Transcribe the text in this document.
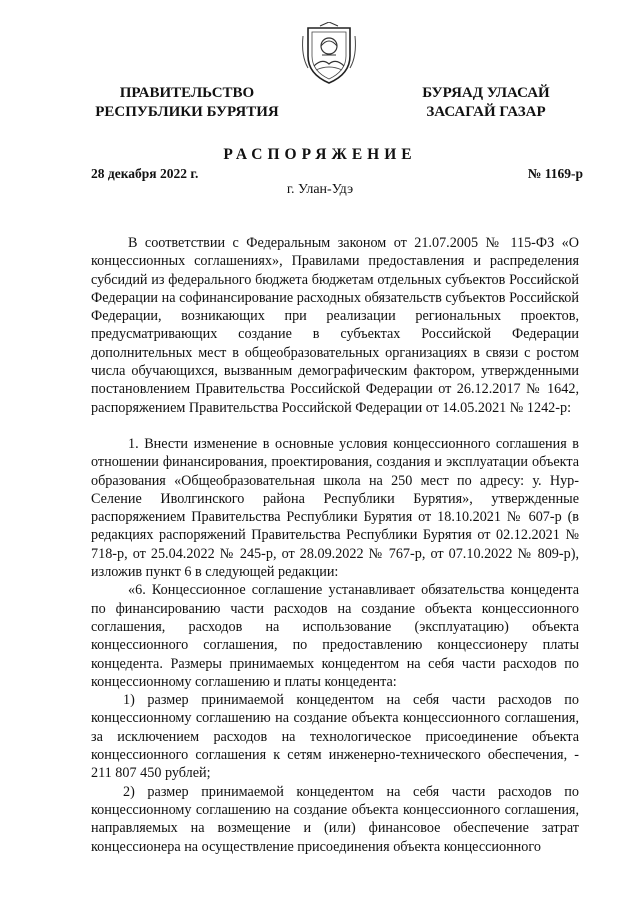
ПРАВИТЕЛЬСТВО
РЕСПУБЛИКИ БУРЯТИЯ
БУРЯАД УЛАСАЙ
ЗАСАГАЙ ГАЗАР
РАСПОРЯЖЕНИЕ
28 декабря 2022 г.	№ 1169-р
г. Улан-Удэ

В соответствии с Федеральным законом от 21.07.2005 № 115-ФЗ «О концессионных соглашениях», Правилами предоставления и распределения субсидий из федерального бюджета бюджетам отдельных субъектов Российской Федерации на софинансирование расходных обязательств субъектов Российской Федерации, возникающих при реализации региональных проектов, предусматривающих создание в субъектах Российской Федерации дополнительных мест в общеобразовательных организациях в связи с ростом числа обучающихся, вызванным демографическим фактором, утвержденными постановлением Правительства Российской Федерации от 26.12.2017 № 1642, распоряжением Правительства Российской Федерации от 14.05.2021 № 1242-р:

1. Внести изменение в основные условия концессионного соглашения в отношении финансирования, проектирования, создания и эксплуатации объекта образования «Общеобразовательная школа на 250 мест по адресу: у. Нур-Селение Иволгинского района Республики Бурятия», утвержденные распоряжением Правительства Республики Бурятия от 18.10.2021 № 607-р (в редакциях распоряжений Правительства Республики Бурятия от 02.12.2021 № 718-р, от 25.04.2022 № 245-р, от 28.09.2022 № 767-р, от 07.10.2022 № 809-р), изложив пункт 6 в следующей редакции:

«6. Концессионное соглашение устанавливает обязательства концедента по финансированию части расходов на создание объекта концессионного соглашения, расходов на использование (эксплуатацию) объекта концессионного соглашения, по предоставлению концессионеру платы концедента. Размеры принимаемых концедентом на себя части расходов по концессионному соглашению и платы концедента:

1) размер принимаемой концедентом на себя части расходов по концессионному соглашению на создание объекта концессионного соглашения, за исключением расходов на технологическое присоединение объекта концессионного соглашения к сетям инженерно-технического обеспечения, - 211 807 450 рублей;

2) размер принимаемой концедентом на себя части расходов по концессионному соглашению на создание объекта концессионного соглашения, направляемых на возмещение и (или) финансовое обеспечение затрат концессионера на осуществление присоединения объекта концессионного
